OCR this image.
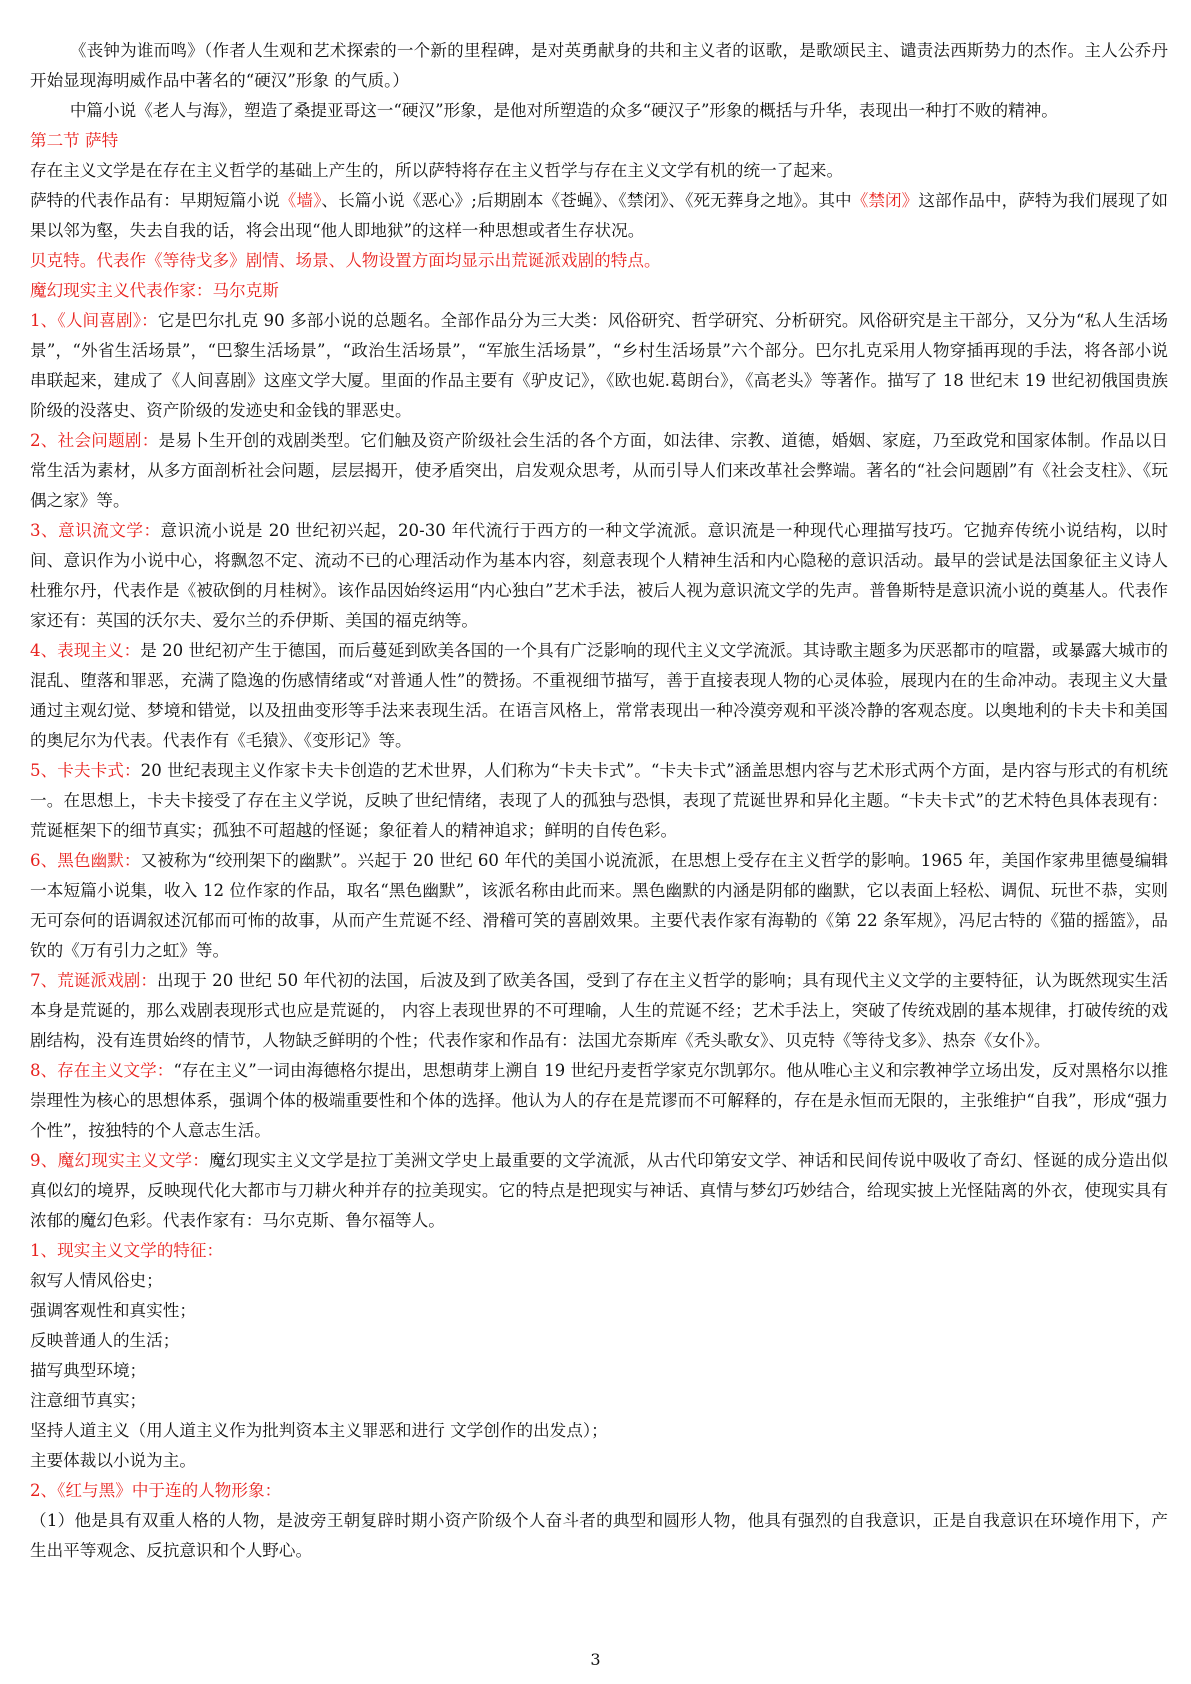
《丧钟为谁而鸣》（作者人生观和艺术探索的一个新的里程碑，是对英勇献身的共和主义者的讴歌，是歌颂民主、谴责法西斯势力的杰作。主人公乔丹开始显现海明威作品中著名的“硬汉”形象 的气质。）

中篇小说《老人与海》，塑造了桑提亚哥这一“硬汉”形象，是他对所塑造的众多“硬汉子”形象的概括与升华，表现出一种打不败的精神。

第二节 萨特

存在主义文学是在存在主义哲学的基础上产生的，所以萨特将存在主义哲学与存在主义文学有机的统一了起来。

萨特的代表作品有：早期短篇小说《墙》、长篇小说《恶心》;后期剧本《苍蝇》、《禁闭》、《死无葬身之地》。其中《禁闭》这部作品中，萨特为我们展现了如果以邻为壑，失去自我的话，将会出现“他人即地狱”的这样一种思想或者生存状况。

贝克特。代表作《等待戈多》剧情、场景、人物设置方面均显示出荒诞派戏剧的特点。

魔幻现实主义代表作家：马尔克斯

1、《人间喜剧》：它是巴尔扎克 90 多部小说的总题名。全部作品分为三大类：风俗研究、哲学研究、分析研究。风俗研究是主干部分，又分为“私人生活场景”，“外省生活场景”，“巴黎生活场景”，“政治生活场景”，“军旅生活场景”，“乡村生活场景”六个部分。巴尔扎克采用人物穿插再现的手法，将各部小说串联起来，建成了《人间喜剧》这座文学大厦。里面的作品主要有《驴皮记》，《欧也妮.葛朗台》，《高老头》等著作。描写了 18 世纪末 19 世纪初俄国贵族阶级的没落史、资产阶级的发迹史和金钱的罪恶史。

2、社会问题剧：是易卜生开创的戏剧类型。它们触及资产阶级社会生活的各个方面，如法律、宗教、道德，婚姻、家庭，乃至政党和国家体制。作品以日常生活为素材，从多方面剖析社会问题，层层揭开，使矛盾突出，启发观众思考，从而引导人们来改革社会弊端。著名的“社会问题剧”有《社会支柱》、《玩偶之家》等。

3、意识流文学：意识流小说是 20 世纪初兴起，20-30 年代流行于西方的一种文学流派。意识流是一种现代心理描写技巧。它抛弃传统小说结构，以时间、意识作为小说中心，将飘忽不定、流动不已的心理活动作为基本内容，刻意表现个人精神生活和内心隐秘的意识活动。最早的尝试是法国象征主义诗人杜雅尔丹，代表作是《被砍倒的月桂树》。该作品因始终运用“内心独白”艺术手法，被后人视为意识流文学的先声。普鲁斯特是意识流小说的奠基人。代表作家还有：英国的沃尔夫、爱尔兰的乔伊斯、美国的福克纳等。

4、表现主义：是 20 世纪初产生于德国，而后蔓延到欧美各国的一个具有广泛影响的现代主义文学流派。其诗歌主题多为厌恶都市的喧嚣，或暴露大城市的混乱、堕落和罪恶，充满了隐逸的伤感情绪或“对普通人性”的赞扬。不重视细节描写，善于直接表现人物的心灵体验，展现内在的生命冲动。表现主义大量通过主观幻觉、梦境和错觉，以及扭曲变形等手法来表现生活。在语言风格上，常常表现出一种冷漠旁观和平淡冷静的客观态度。以奥地利的卡夫卡和美国的奥尼尔为代表。代表作有《毛猿》、《变形记》等。

5、卡夫卡式：20 世纪表现主义作家卡夫卡创造的艺术世界，人们称为“卡夫卡式”。“卡夫卡式”涵盖思想内容与艺术形式两个方面，是内容与形式的有机统一。在思想上，卡夫卡接受了存在主义学说，反映了世纪情绪，表现了人的孤独与恐惧，表现了荒诞世界和异化主题。“卡夫卡式”的艺术特色具体表现有：荒诞框架下的细节真实；孤独不可超越的怪诞；象征着人的精神追求；鲜明的自传色彩。

6、黑色幽默：又被称为“绞刑架下的幽默”。兴起于 20 世纪 60 年代的美国小说流派，在思想上受存在主义哲学的影响。1965 年，美国作家弗里德曼编辑一本短篇小说集，收入 12 位作家的作品，取名“黑色幽默”，该派名称由此而来。黑色幽默的内涵是阴郁的幽默，它以表面上轻松、调侃、玩世不恭，实则无可奈何的语调叙述沉郁而可怖的故事，从而产生荒诞不经、滑稽可笑的喜剧效果。主要代表作家有海勒的《第 22 条军规》，冯尼古特的《猫的摇篮》，品钦的《万有引力之虹》等。

7、荒诞派戏剧：出现于 20 世纪 50 年代初的法国，后波及到了欧美各国，受到了存在主义哲学的影响；具有现代主义文学的主要特征，认为既然现实生活本身是荒诞的，那么戏剧表现形式也应是荒诞的， 内容上表现世界的不可理喻，人生的荒诞不经；艺术手法上，突破了传统戏剧的基本规律，打破传统的戏剧结构，没有连贯始终的情节，人物缺乏鲜明的个性；代表作家和作品有：法国尤奈斯库《秃头歌女》、贝克特《等待戈多》、热奈《女仆》。

8、存在主义文学：“存在主义”一词由海德格尔提出，思想萌芽上溯自 19 世纪丹麦哲学家克尔凯郭尔。他从唯心主义和宗教神学立场出发，反对黑格尔以推崇理性为核心的思想体系，强调个体的极端重要性和个体的选择。他认为人的存在是荒谬而不可解释的，存在是永恒而无限的，主张维护“自我”，形成“强力个性”，按独特的个人意志生活。

9、魔幻现实主义文学：魔幻现实主义文学是拉丁美洲文学史上最重要的文学流派，从古代印第安文学、神话和民间传说中吸收了奇幻、怪诞的成分造出似真似幻的境界，反映现代化大都市与刀耕火种并存的拉美现实。它的特点是把现实与神话、真情与梦幻巧妙结合，给现实披上光怪陆离的外衣，使现实具有浓郁的魔幻色彩。代表作家有：马尔克斯、鲁尔福等人。

1、现实主义文学的特征：

叙写人情风俗史；

强调客观性和真实性；

反映普通人的生活；

描写典型环境；

注意细节真实；

坚持人道主义（用人道主义作为批判资本主义罪恶和进行 文学创作的出发点）；

主要体裁以小说为主。

2、《红与黑》中于连的人物形象：

（1）他是具有双重人格的人物，是波旁王朝复辟时期小资产阶级个人奋斗者的典型和圆形人物，他具有强烈的自我意识，正是自我意识在环境作用下，产生出平等观念、反抗意识和个人野心。

3
